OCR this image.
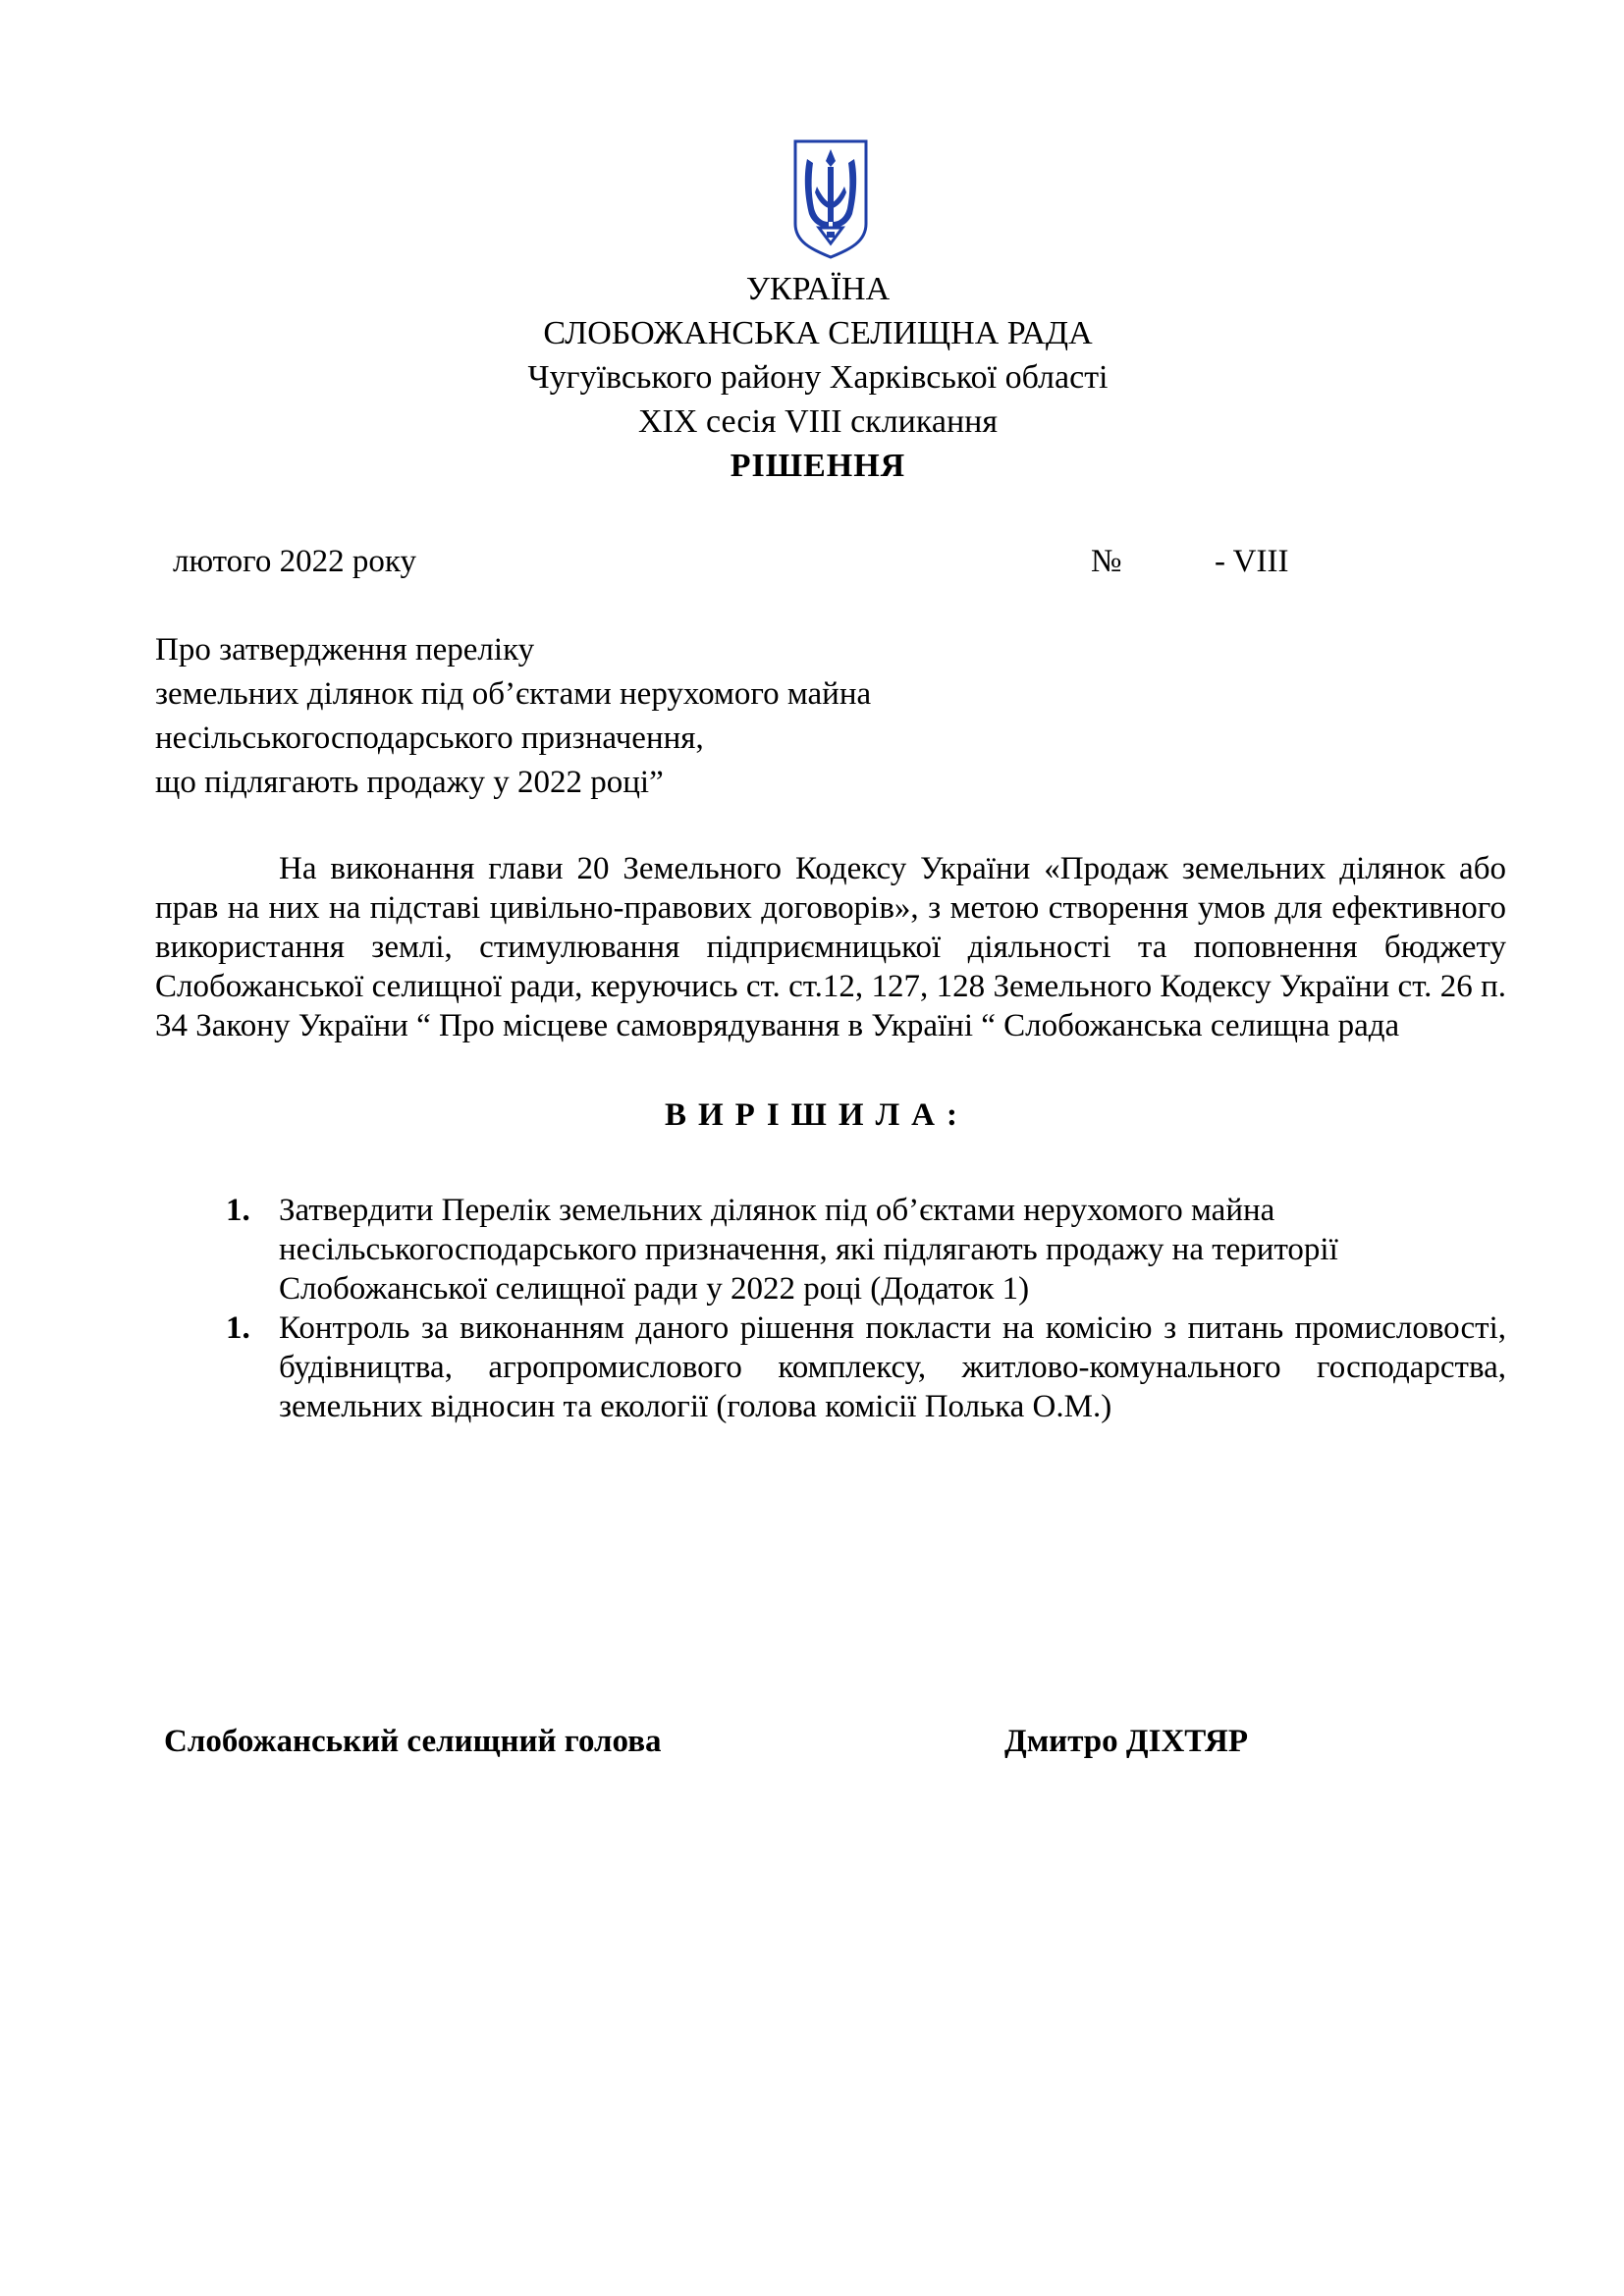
УКРАЇНА
СЛОБОЖАНСЬКА СЕЛИЩНА РАДА
Чугуївського району Харківської області
XIX сесія VIII скликання
РІШЕННЯ
лютого 2022 року	№	- VIII
Про затвердження переліку
земельних ділянок під об’єктами нерухомого майна
несільськогосподарського призначення,
що підлягають продажу у 2022 році”
На виконання глави 20 Земельного Кодексу України «Продаж земельних ділянок або прав на них на підставі цивільно-правових договорів», з метою створення умов для ефективного використання землі, стимулювання підприємницької діяльності та поповнення бюджету Слобожанської селищної ради, керуючись ст. ст.12, 127, 128 Земельного Кодексу України ст. 26 п. 34 Закону України “ Про місцеве самоврядування в Україні “ Слобожанська селищна рада
ВИРІШИЛА:
1. Затвердити Перелік земельних ділянок під об’єктами нерухомого майна несільськогосподарського призначення, які підлягають продажу на території Слобожанської селищної ради у 2022 році (Додаток 1)
1. Контроль за виконанням даного рішення покласти на комісію з питань промисловості, будівництва, агропромислового комплексу, житлово-комунального господарства, земельних відносин та екології (голова комісії Полька О.М.)
Слобожанський селищний голова	Дмитро ДІХТЯР
